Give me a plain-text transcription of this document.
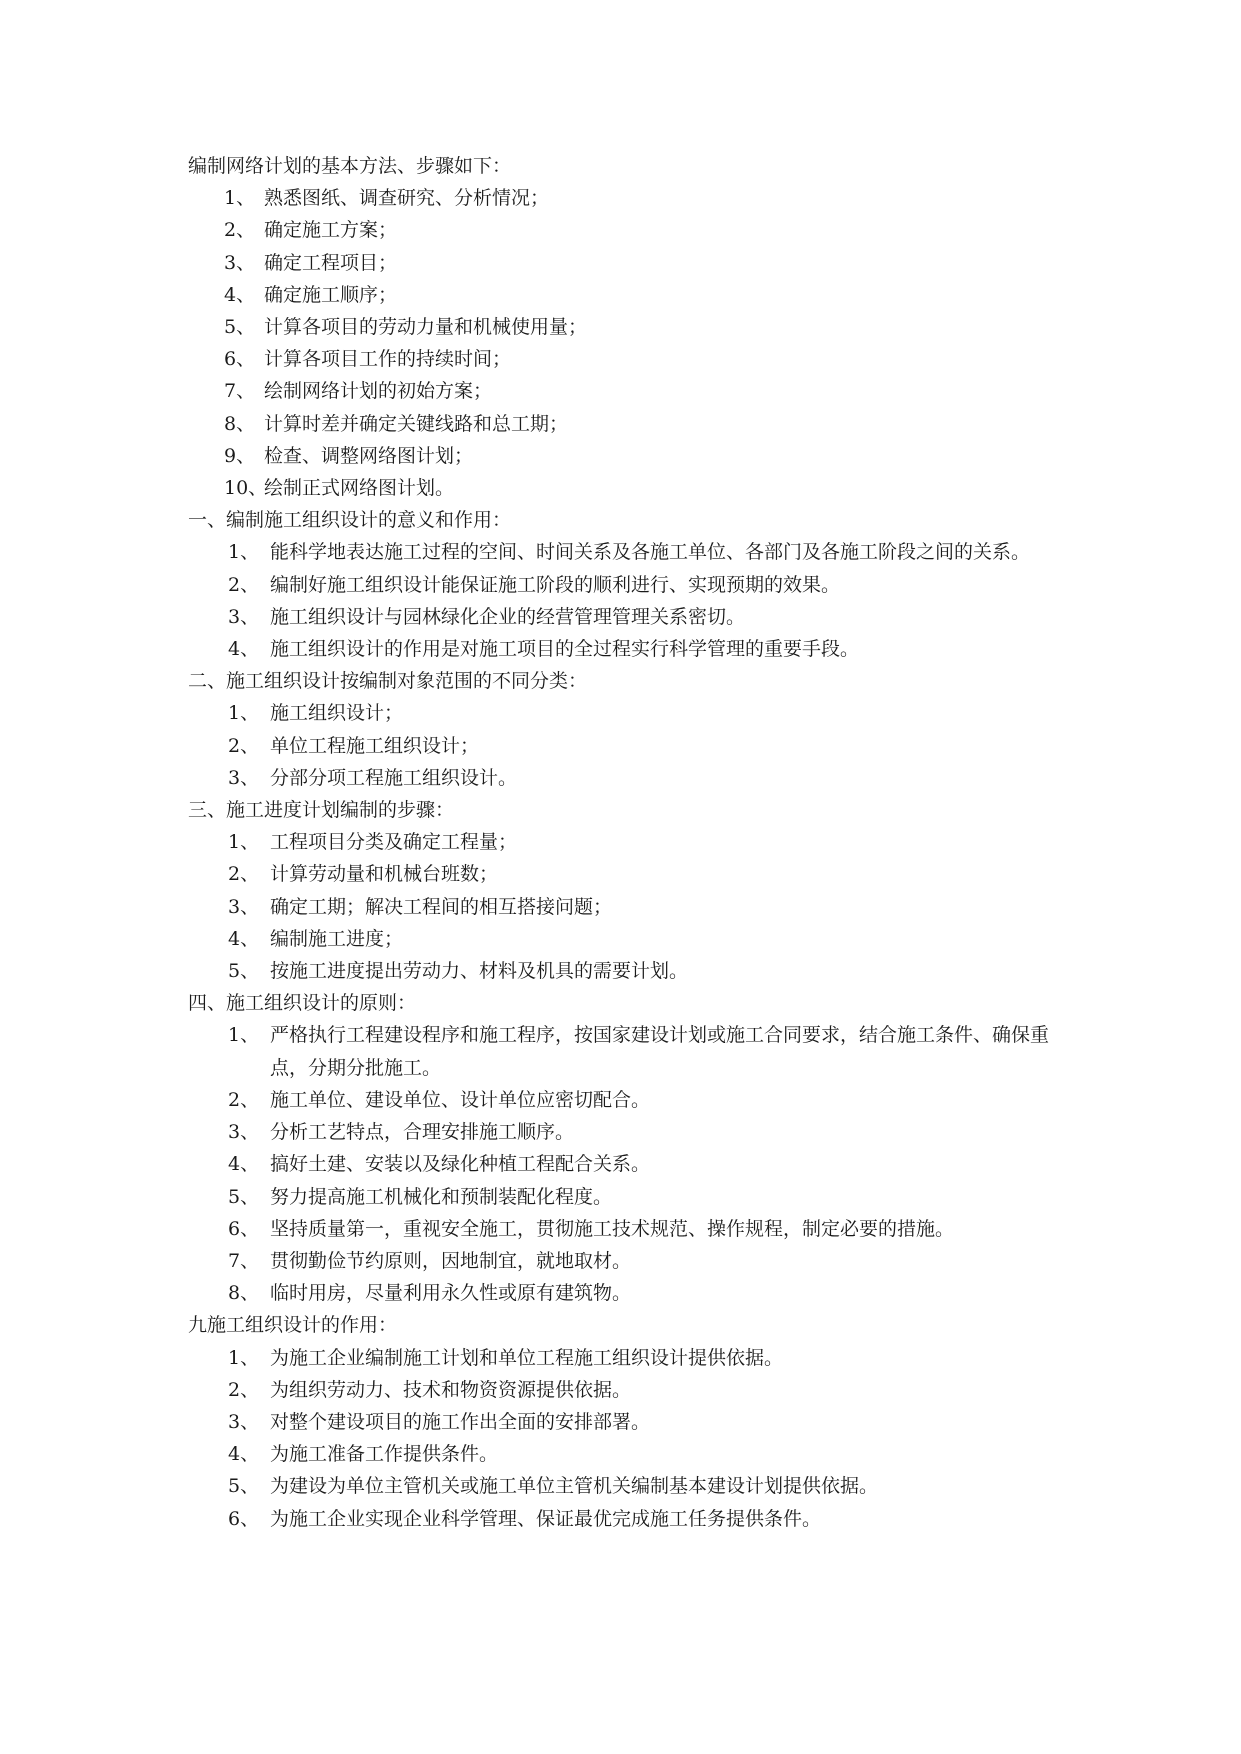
编制网络计划的基本方法、步骤如下：

1、 熟悉图纸、调查研究、分析情况；
2、 确定施工方案；
3、 确定工程项目；
4、 确定施工顺序；
5、 计算各项目的劳动力量和机械使用量；
6、 计算各项目工作的持续时间；
7、 绘制网络计划的初始方案；
8、 计算时差并确定关键线路和总工期；
9、 检查、调整网络图计划；
10、
绘制正式网络图计划。

一、编制施工组织设计的意义和作用：

1、 能科学地表达施工过程的空间、时间关系及各施工单位、各部门及各施工阶段之间的关系。
2、 编制好施工组织设计能保证施工阶段的顺利进行、实现预期的效果。
3、 施工组织设计与园林绿化企业的经营管理管理关系密切。
4、 施工组织设计的作用是对施工项目的全过程实行科学管理的重要手段。

二、施工组织设计按编制对象范围的不同分类：

1、 施工组织设计；
2、 单位工程施工组织设计；
3、 分部分项工程施工组织设计。

三、施工进度计划编制的步骤：

1、 工程项目分类及确定工程量；
2、 计算劳动量和机械台班数；
3、 确定工期；解决工程间的相互搭接问题；
4、 编制施工进度；
5、 按施工进度提出劳动力、材料及机具的需要计划。

四、施工组织设计的原则：

1、 严格执行工程建设程序和施工程序，按国家建设计划或施工合同要求，结合施工条件、确保重点，分期分批施工。
2、 施工单位、建设单位、设计单位应密切配合。
3、 分析工艺特点，合理安排施工顺序。
4、 搞好土建、安装以及绿化种植工程配合关系。
5、 努力提高施工机械化和预制装配化程度。
6、 坚持质量第一，重视安全施工，贯彻施工技术规范、操作规程，制定必要的措施。
7、 贯彻勤俭节约原则，因地制宜，就地取材。
8、 临时用房，尽量利用永久性或原有建筑物。

九施工组织设计的作用：

1、 为施工企业编制施工计划和单位工程施工组织设计提供依据。
2、 为组织劳动力、技术和物资资源提供依据。
3、 对整个建设项目的施工作出全面的安排部署。
4、 为施工准备工作提供条件。
5、 为建设为单位主管机关或施工单位主管机关编制基本建设计划提供依据。
6、 为施工企业实现企业科学管理、保证最优完成施工任务提供条件。
